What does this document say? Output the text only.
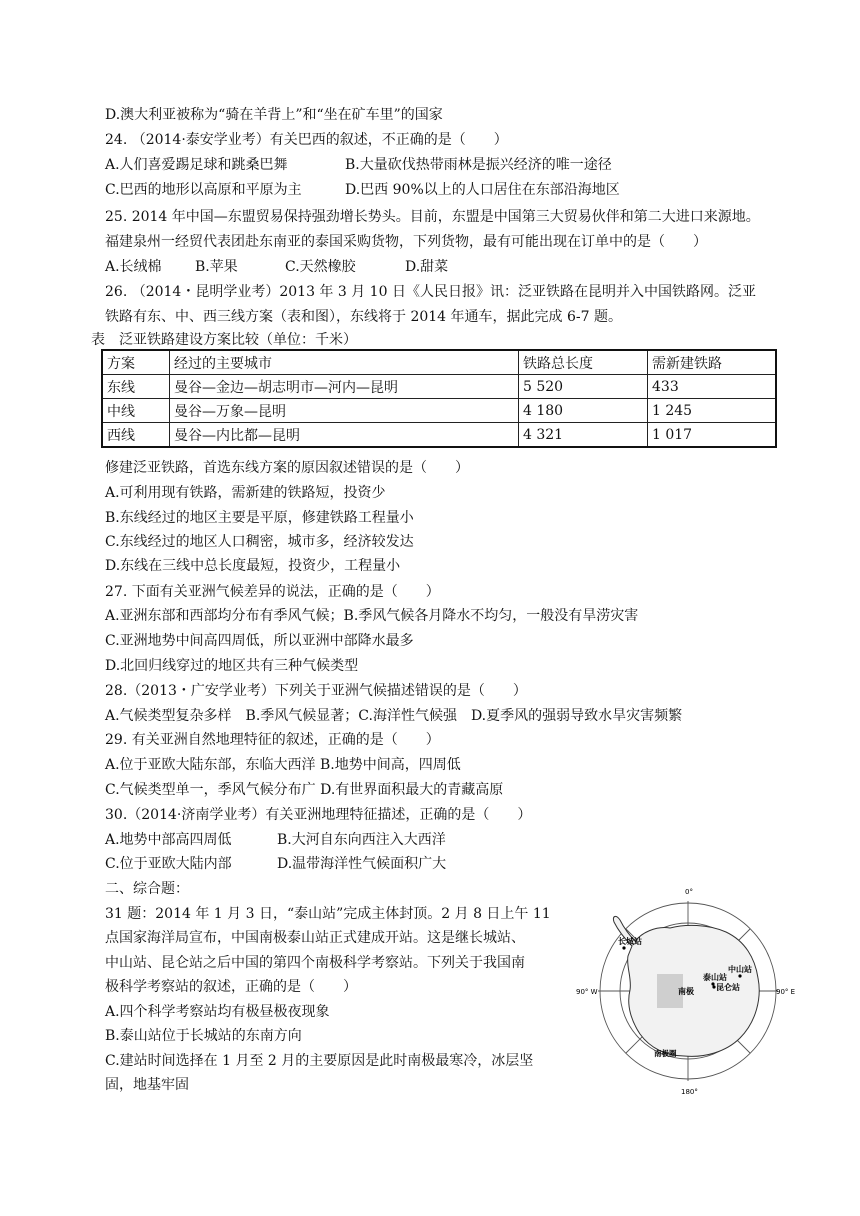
D.澳大利亚被称为“骑在羊背上”和“坐在矿车里”的国家
24. （2014·泰安学业考）有关巴西的叙述，不正确的是（　　）
A.人们喜爱踢足球和跳桑巴舞	B.大量砍伐热带雨林是振兴经济的唯一途径
C.巴西的地形以高原和平原为主	D.巴西 90%以上的人口居住在东部沿海地区
25. 2014 年中国—东盟贸易保持强劲增长势头。目前，东盟是中国第三大贸易伙伴和第二大进口来源地。
福建泉州一经贸代表团赴东南亚的泰国采购货物，下列货物，最有可能出现在订单中的是（　　）
A.长绒棉 B.苹果	C.天然橡胶	D.甜菜
26. （2014・昆明学业考）2013 年 3 月 10 日《人民日报》讯：泛亚铁路在昆明并入中国铁路网。泛亚
铁路有东、中、西三线方案（表和图），东线将于 2014 年通车，据此完成 6-7 题。
表　泛亚铁路建设方案比较（单位：千米）
方案	经过的主要城市	铁路总长度	需新建铁路
东线	曼谷—金边—胡志明市—河内—昆明	5 520	433
中线	曼谷—万象—昆明	4 180	1 245
西线	曼谷—内比都—昆明	4 321	1 017
修建泛亚铁路，首选东线方案的原因叙述错误的是（　　）
A.可利用现有铁路，需新建的铁路短，投资少
B.东线经过的地区主要是平原，修建铁路工程量小
C.东线经过的地区人口稠密，城市多，经济较发达
D.东线在三线中总长度最短，投资少，工程量小
27. 下面有关亚洲气候差异的说法，正确的是（　　）
A.亚洲东部和西部均分布有季风气候；B.季风气候各月降水不均匀，一般没有旱涝灾害
C.亚洲地势中间高四周低，所以亚洲中部降水最多
D.北回归线穿过的地区共有三种气候类型
28.（2013・广安学业考）下列关于亚洲气候描述错误的是（　　）
A.气候类型复杂多样　B.季风气候显著；C.海洋性气候强　D.夏季风的强弱导致水旱灾害频繁
29. 有关亚洲自然地理特征的叙述，正确的是（　　）
A.位于亚欧大陆东部，东临大西洋 B.地势中间高，四周低
C.气候类型单一，季风气候分布广 D.有世界面积最大的青藏高原
30.（2014·济南学业考）有关亚洲地理特征描述，正确的是（　　）
A.地势中部高四周低	B.大河自东向西注入大西洋
C.位于亚欧大陆内部	D.温带海洋性气候面积广大
二、综合题：
31 题：2014 年 1 月 3 日，“泰山站”完成主体封顶。2 月 8 日上午 11
点国家海洋局宣布，中国南极泰山站正式建成开站。这是继长城站、
中山站、昆仑站之后中国的第四个南极科学考察站。下列关于我国南
极科学考察站的叙述，正确的是（　　）
A.四个科学考察站均有极昼极夜现象
B.泰山站位于长城站的东南方向
C.建站时间选择在 1 月至 2 月的主要原因是此时南极最寒冷，冰层坚
固，地基牢固
0°
180°
90° W	90° E
长城站
中山站
泰山站
昆仑站
南极
南极圈
